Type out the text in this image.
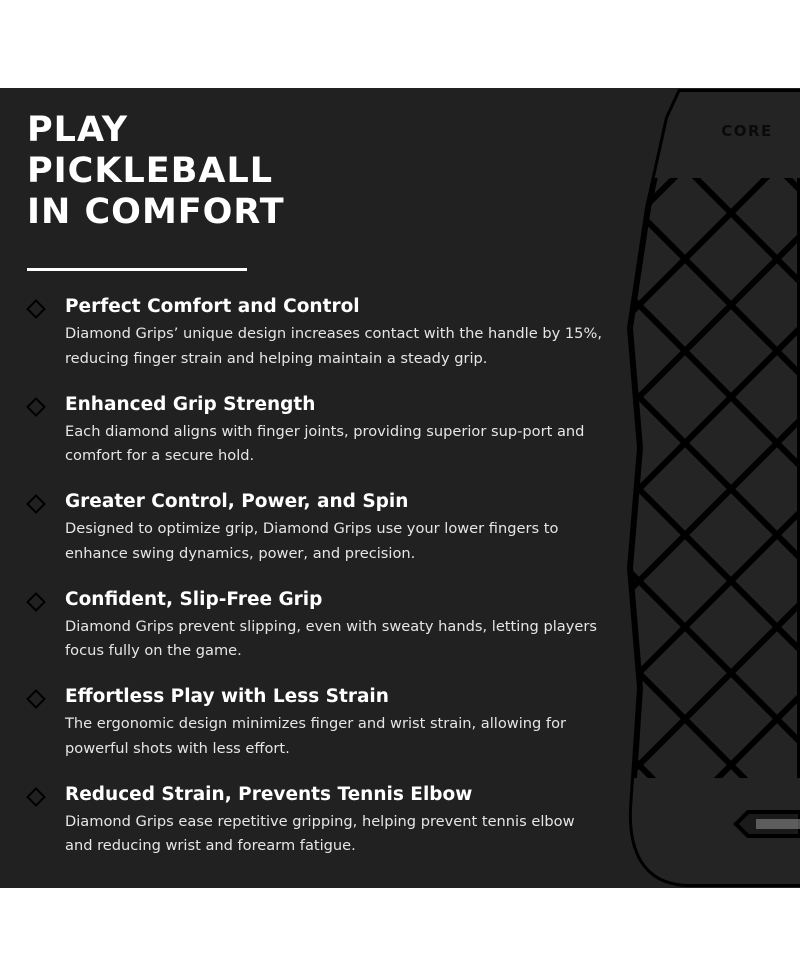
PLAY
PICKLEBALL
IN COMFORT
Perfect Comfort and Control
Diamond Grips’ unique design increases contact with the handle by 15%, reducing finger strain and helping maintain a steady grip.
Enhanced Grip Strength
Each diamond aligns with finger joints, providing superior sup-port and comfort for a secure hold.
Greater Control, Power, and Spin
Designed to optimize grip, Diamond Grips use your lower fingers to enhance swing dynamics, power, and precision.
Confident, Slip-Free Grip
Diamond Grips prevent slipping, even with sweaty hands, letting players focus fully on the game.
Effortless Play with Less Strain
The ergonomic design minimizes finger and wrist strain, allowing for powerful shots with less effort.
Reduced Strain, Prevents Tennis Elbow
Diamond Grips ease repetitive gripping, helping prevent tennis elbow and reducing wrist and forearm fatigue.
CORE
